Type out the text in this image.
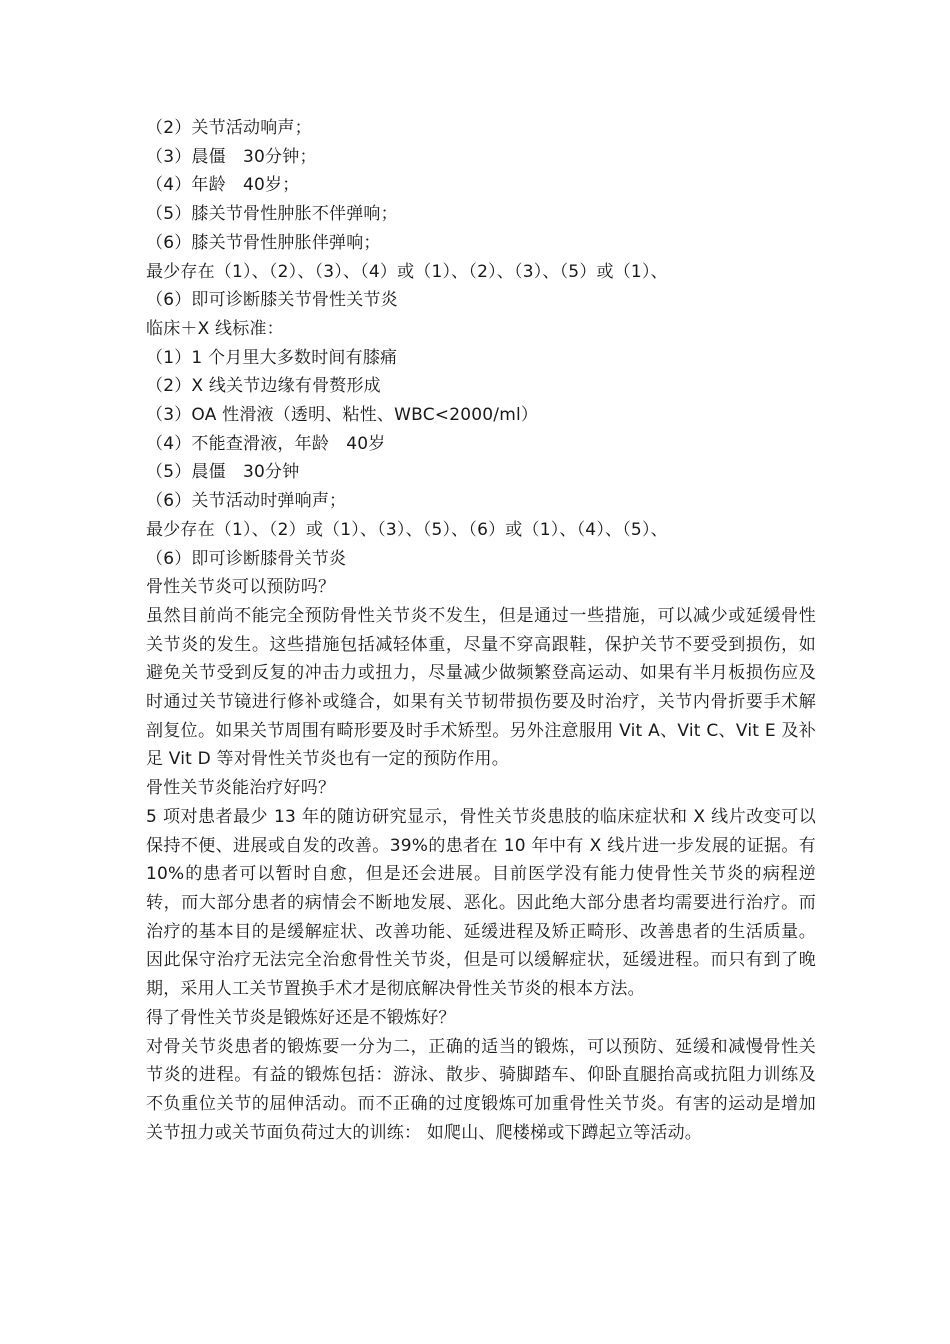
（2）关节活动响声；

（3）晨僵　30分钟；

（4）年龄　40岁；

（5）膝关节骨性肿胀不伴弹响；

（6）膝关节骨性肿胀伴弹响；

最少存在（1）、（2）、（3）、（4）或（1）、（2）、（3）、（5）或（1）、

（6）即可诊断膝关节骨性关节炎

临床＋X 线标准：

（1）1 个月里大多数时间有膝痛

（2）X 线关节边缘有骨赘形成

（3）OA 性滑液（透明、粘性、WBC<2000/ml）

（4）不能查滑液，年龄　40岁

（5）晨僵　30分钟

（6）关节活动时弹响声；

最少存在（1）、（2）或（1）、（3）、（5）、（6）或（1）、（4）、（5）、

（6）即可诊断膝骨关节炎

骨性关节炎可以预防吗？

虽然目前尚不能完全预防骨性关节炎不发生，但是通过一些措施，可以减少或延缓骨性关节炎的发生。这些措施包括减轻体重，尽量不穿高跟鞋，保护关节不要受到损伤，如避免关节受到反复的冲击力或扭力，尽量减少做频繁登高运动、如果有半月板损伤应及时通过关节镜进行修补或缝合，如果有关节韧带损伤要及时治疗，关节内骨折要手术解剖复位。如果关节周围有畸形要及时手术矫型。另外注意服用 Vit A、Vit C、Vit E 及补足 Vit D 等对骨性关节炎也有一定的预防作用。

骨性关节炎能治疗好吗？

5 项对患者最少 13 年的随访研究显示，骨性关节炎患肢的临床症状和 X 线片改变可以保持不便、进展或自发的改善。39%的患者在 10 年中有 X 线片进一步发展的证据。有 10%的患者可以暂时自愈，但是还会进展。目前医学没有能力使骨性关节炎的病程逆转，而大部分患者的病情会不断地发展、恶化。因此绝大部分患者均需要进行治疗。而治疗的基本目的是缓解症状、改善功能、延缓进程及矫正畸形、改善患者的生活质量。因此保守治疗无法完全治愈骨性关节炎，但是可以缓解症状，延缓进程。而只有到了晚期，采用人工关节置换手术才是彻底解决骨性关节炎的根本方法。

得了骨性关节炎是锻炼好还是不锻炼好？

对骨关节炎患者的锻炼要一分为二，正确的适当的锻炼，可以预防、延缓和减慢骨性关节炎的进程。有益的锻炼包括：游泳、散步、骑脚踏车、仰卧直腿抬高或抗阻力训练及不负重位关节的屈伸活动。而不正确的过度锻炼可加重骨性关节炎。有害的运动是增加关节扭力或关节面负荷过大的训练： 如爬山、爬楼梯或下蹲起立等活动。
